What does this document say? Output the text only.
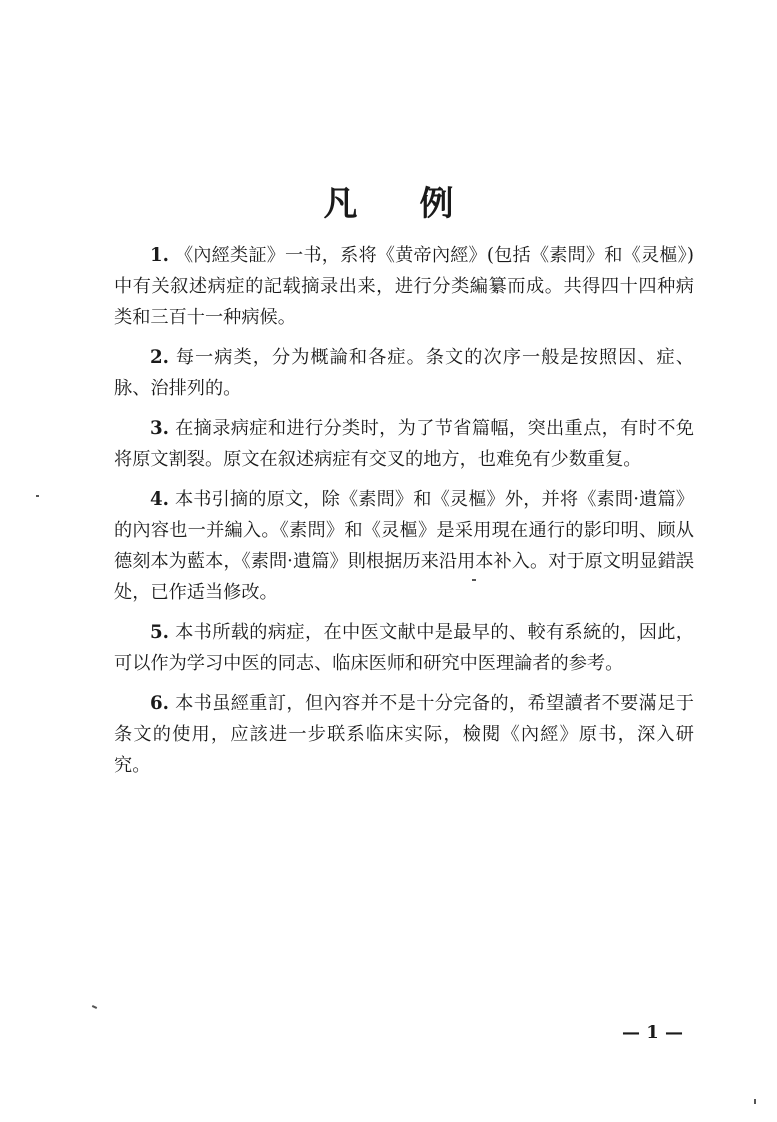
凡 例

1. 《內經类証》一书，系将《黄帝內經》(包括《素問》和《灵樞》)中有关叙述病症的記载摘录出来，进行分类編纂而成。共得四十四种病类和三百十一种病候。

2. 每一病类，分为概論和各症。条文的次序一般是按照因、症、脉、治排列的。

3. 在摘录病症和进行分类时，为了节省篇幅，突出重点，有时不免将原文割裂。原文在叙述病症有交叉的地方，也难免有少数重复。

4. 本书引摘的原文，除《素問》和《灵樞》外，并将《素問·遺篇》的內容也一并編入。《素問》和《灵樞》是采用現在通行的影印明、顾从德刻本为藍本，《素問·遺篇》則根据历来沿用本补入。对于原文明显錯誤处，已作适当修改。

5. 本书所载的病症，在中医文献中是最早的、較有系統的，因此，可以作为学习中医的同志、临床医师和研究中医理論者的参考。

6. 本书虽經重訂，但內容并不是十分完备的，希望讀者不要滿足于条文的使用，应該进一步联系临床实际，檢閱《內經》原书，深入研究。

— 1 —
